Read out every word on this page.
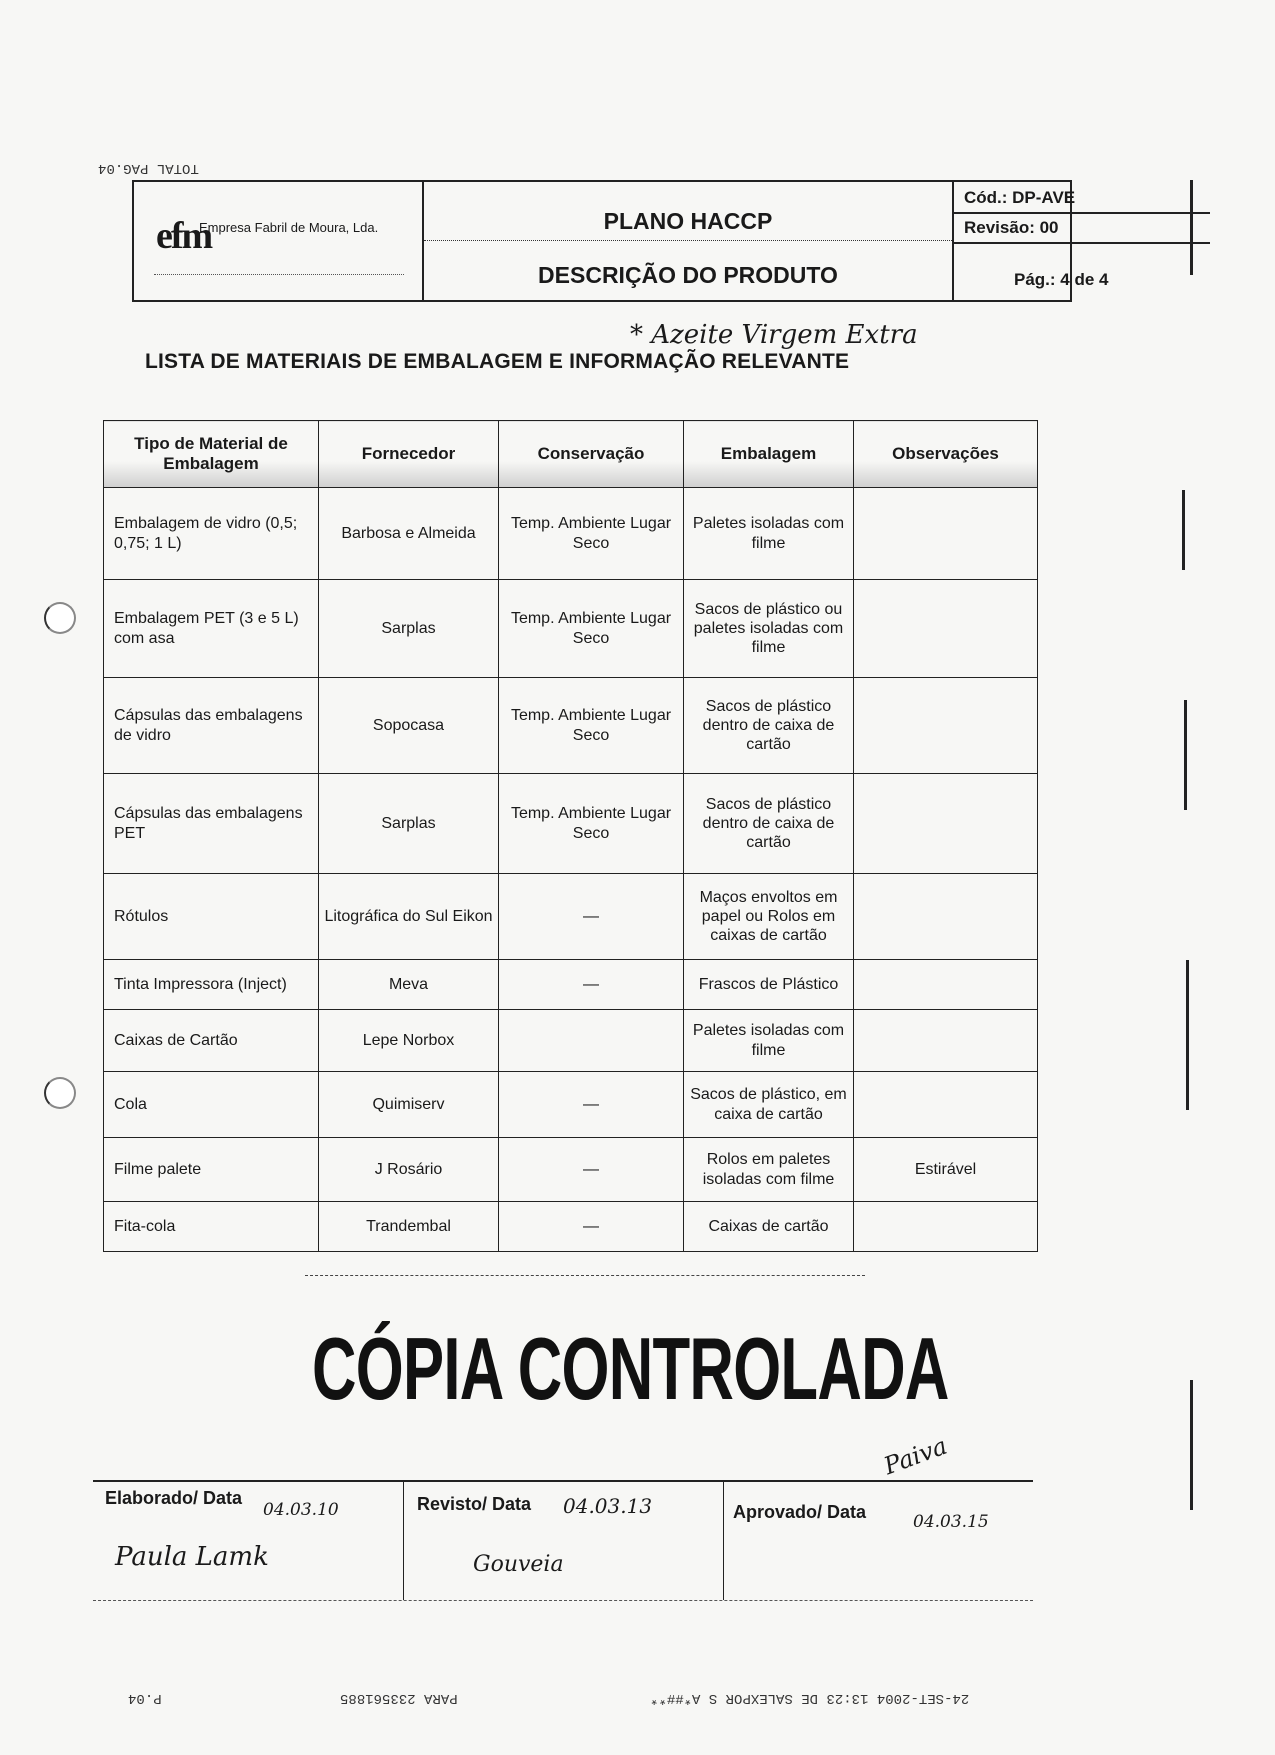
TOTAL PAG.04
efm
Empresa Fabril de Moura, Lda.	PLANO HACCP
DESCRIÇÃO DO PRODUTO
Cód.: DP-AVE
Revisão: 00
Pág.: 4 de 4
* Azeite Virgem Extra
LISTA DE MATERIAIS DE EMBALAGEM E INFORMAÇÃO RELEVANTE
Tipo de Material de Embalagem	Fornecedor	Conservação	Embalagem	Observações
Embalagem de vidro (0,5; 0,75; 1 L)	Barbosa e Almeida	Temp. Ambiente Lugar Seco	Paletes isoladas com filme	
Embalagem PET (3 e 5 L) com asa	Sarplas	Temp. Ambiente Lugar Seco	Sacos de plástico ou paletes isoladas com filme	
Cápsulas das embalagens de vidro	Sopocasa	Temp. Ambiente Lugar Seco	Sacos de plástico dentro de caixa de cartão	
Cápsulas das embalagens PET	Sarplas	Temp. Ambiente Lugar Seco	Sacos de plástico dentro de caixa de cartão	
Rótulos	Litográfica do Sul Eikon	—	Maços envoltos em papel ou Rolos em caixas de cartão	
Tinta Impressora (Inject)	Meva	—	Frascos de Plástico	
Caixas de Cartão	Lepe Norbox		Paletes isoladas com filme	
Cola	Quimiserv	—	Sacos de plástico, em caixa de cartão	
Filme palete	J Rosário	—	Rolos em paletes isoladas com filme	Estirável
Fita-cola	Trandembal	—	Caixas de cartão	
CÓPIA CONTROLADA
Elaborado/ Data
04.03.10
Paula Lamk
Revisto/ Data 04.03.13
Gouveia
Aprovado/ Data	04.03.15
Paiva
P.04	PARA 233561885	24-SET-2004 13:23 DE SALEXPOR S A*##**
